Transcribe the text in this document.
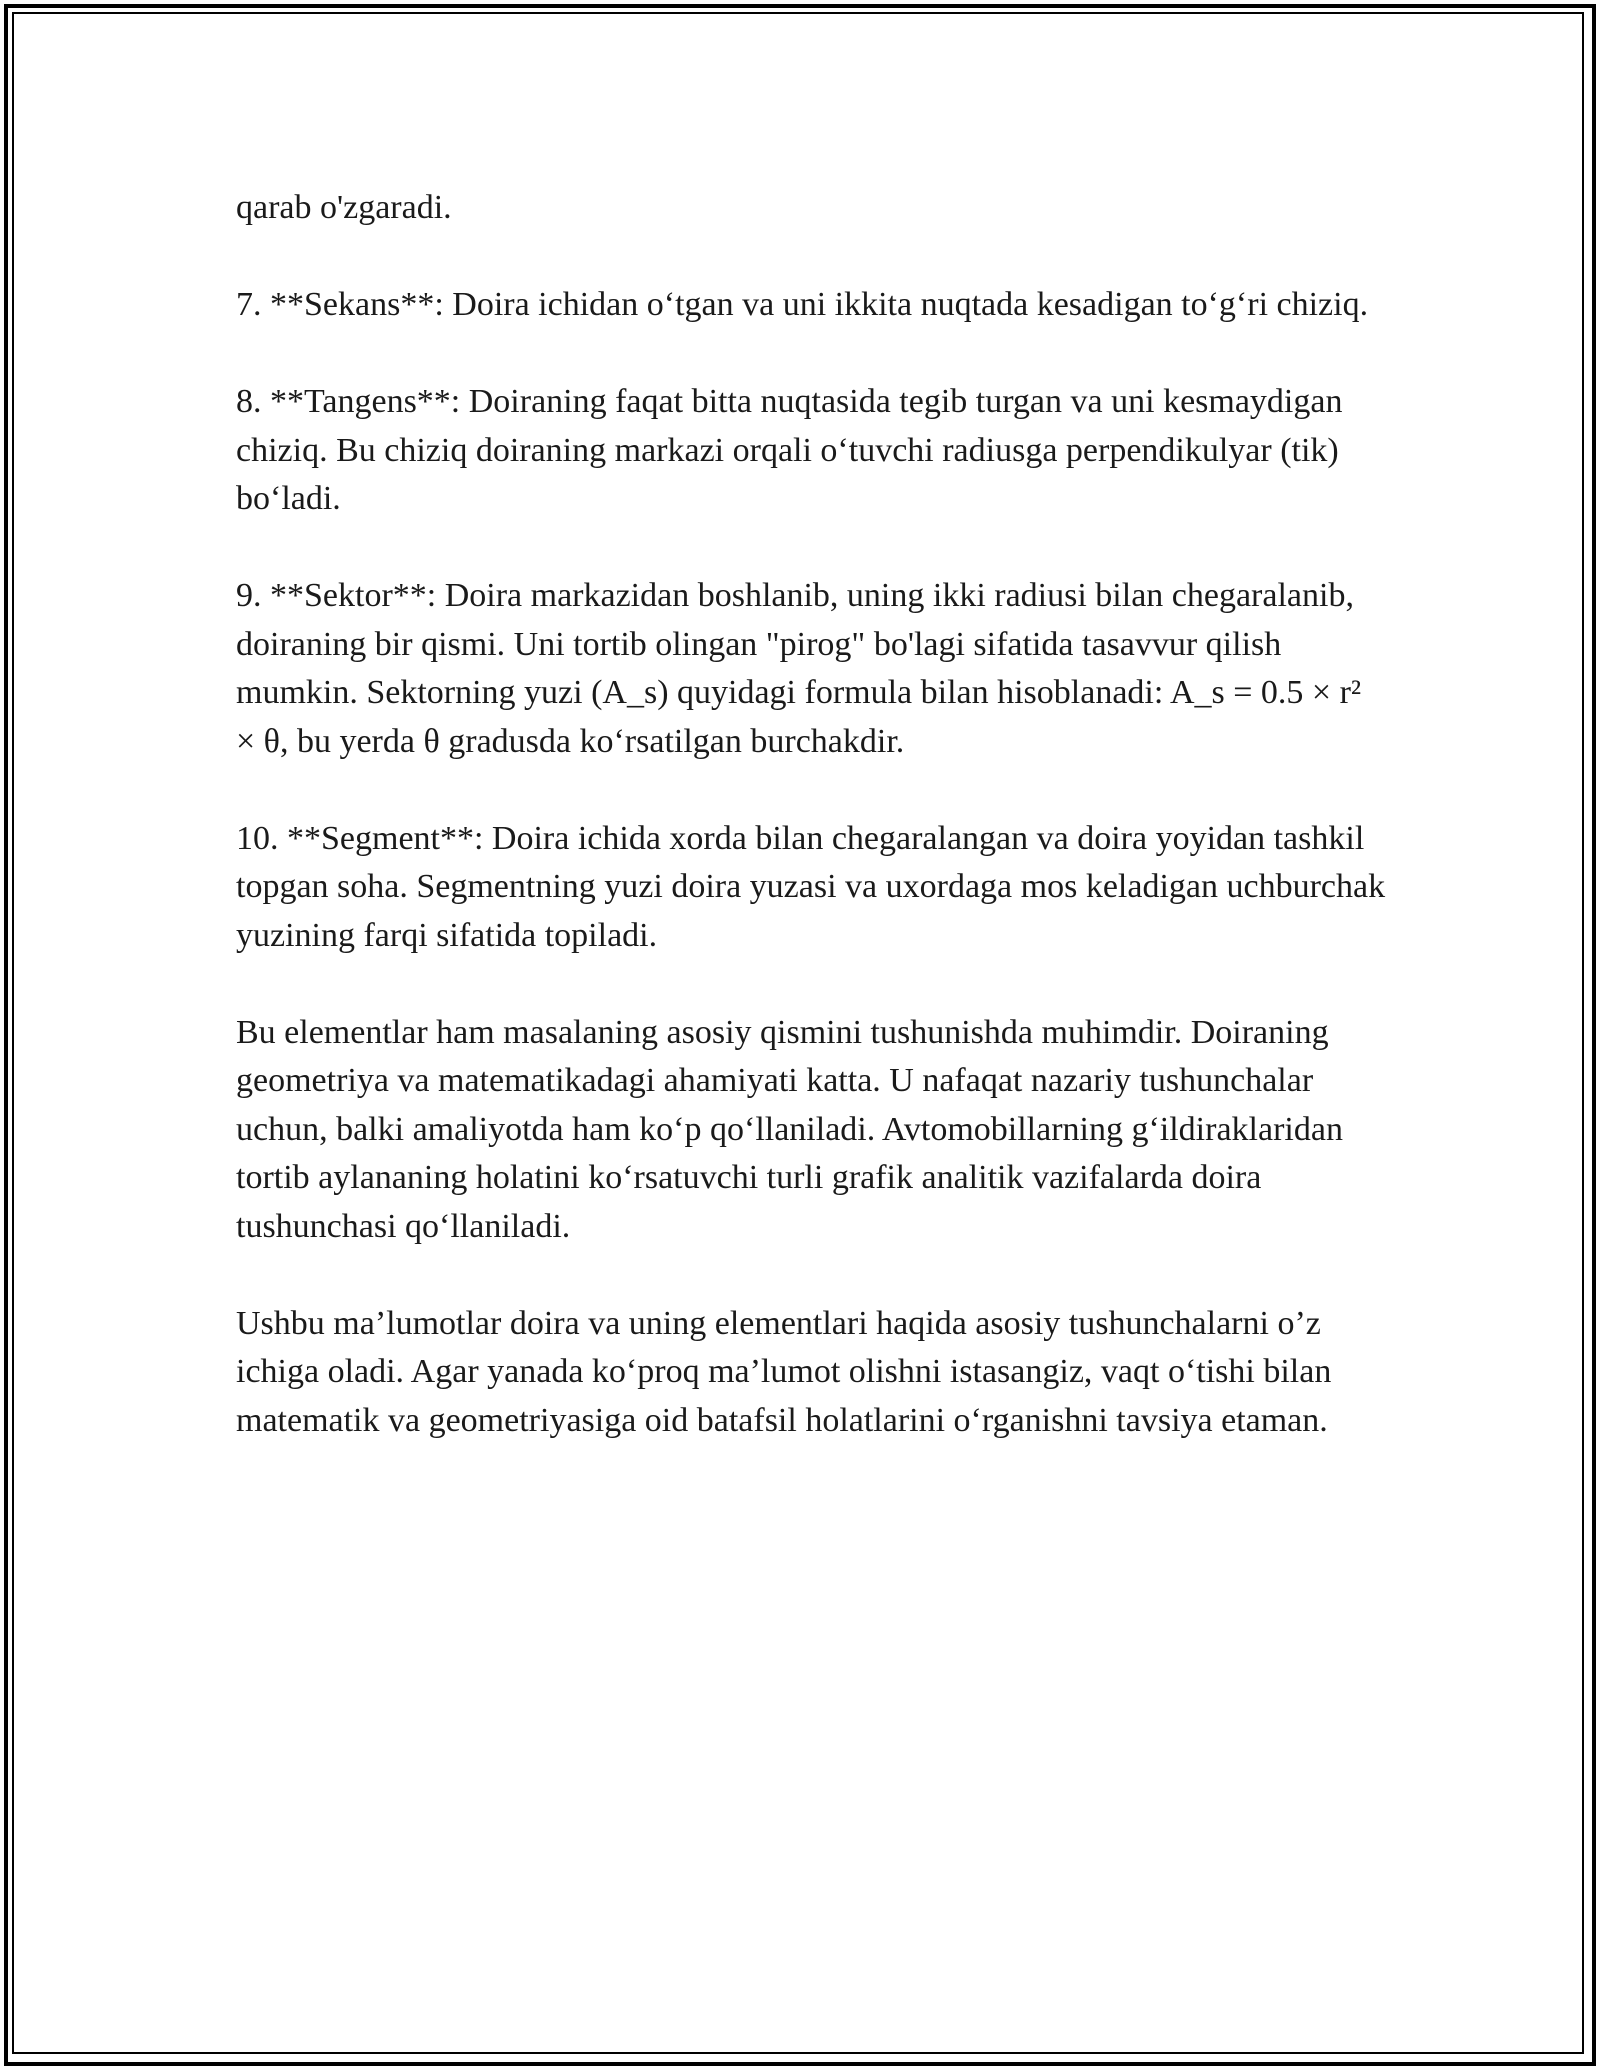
qarab o'zgaradi.

7. **Sekans**: Doira ichidan o‘tgan va uni ikkita nuqtada kesadigan to‘g‘ri chiziq.

8. **Tangens**: Doiraning faqat bitta nuqtasida tegib turgan va uni kesmaydigan chiziq. Bu chiziq doiraning markazi orqali o‘tuvchi radiusga perpendikulyar (tik) bo‘ladi.

9. **Sektor**: Doira markazidan boshlanib, uning ikki radiusi bilan chegaralanib, doiraning bir qismi. Uni tortib olingan "pirog" bo'lagi sifatida tasavvur qilish mumkin. Sektorning yuzi (A_s) quyidagi formula bilan hisoblanadi: A_s = 0.5 × r² × θ, bu yerda θ gradusda ko‘rsatilgan burchakdir.

10. **Segment**: Doira ichida xorda bilan chegaralangan va doira yoyidan tashkil topgan soha. Segmentning yuzi doira yuzasi va uxordaga mos keladigan uchburchak yuzining farqi sifatida topiladi.

Bu elementlar ham masalaning asosiy qismini tushunishda muhimdir. Doiraning geometriya va matematikadagi ahamiyati katta. U nafaqat nazariy tushunchalar uchun, balki amaliyotda ham ko‘p qo‘llaniladi. Avtomobillarning g‘ildiraklaridan tortib aylananing holatini ko‘rsatuvchi turli grafik analitik vazifalarda doira tushunchasi qo‘llaniladi.

Ushbu ma’lumotlar doira va uning elementlari haqida asosiy tushunchalarni o’z ichiga oladi. Agar yanada ko‘proq ma’lumot olishni istasangiz, vaqt o‘tishi bilan matematik va geometriyasiga oid batafsil holatlarini o‘rganishni tavsiya etaman.
